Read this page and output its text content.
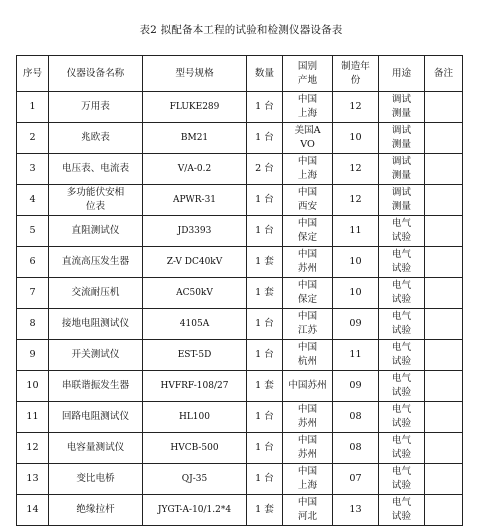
表2 拟配备本工程的试验和检测仪器设备表
序号	仪器设备名称	型号规格	数量	国别产地	制造年份	用途	备注
1	万用表	FLUKE289	1 台	中国上海	12	调试测量	
2	兆欧表	BM21	1 台	美国AVO	10	调试测量	
3	电压表、电流表	V/A-0.2	2 台	中国上海	12	调试测量	
4	多功能伏安相位表	APWR-31	1 台	中国西安	12	调试测量	
5	直阻测试仪	JD3393	1 台	中国保定	11	电气试验	
6	直流高压发生器	Z-V DC40kV	1 套	中国苏州	10	电气试验	
7	交流耐压机	AC50kV	1 套	中国保定	10	电气试验	
8	接地电阻测试仪	4105A	1 台	中国江苏	09	电气试验	
9	开关测试仪	EST-5D	1 台	中国杭州	11	电气试验	
10	串联谐振发生器	HVFRF-108/27	1 套	中国苏州	09	电气试验	
11	回路电阻测试仪	HL100	1 台	中国苏州	08	电气试验	
12	电容量测试仪	HVCB-500	1 台	中国苏州	08	电气试验	
13	变比电桥	QJ-35	1 台	中国上海	07	电气试验	
14	绝缘拉杆	JYGT-A-10/1.2*4	1 套	中国河北	13	电气试验	
